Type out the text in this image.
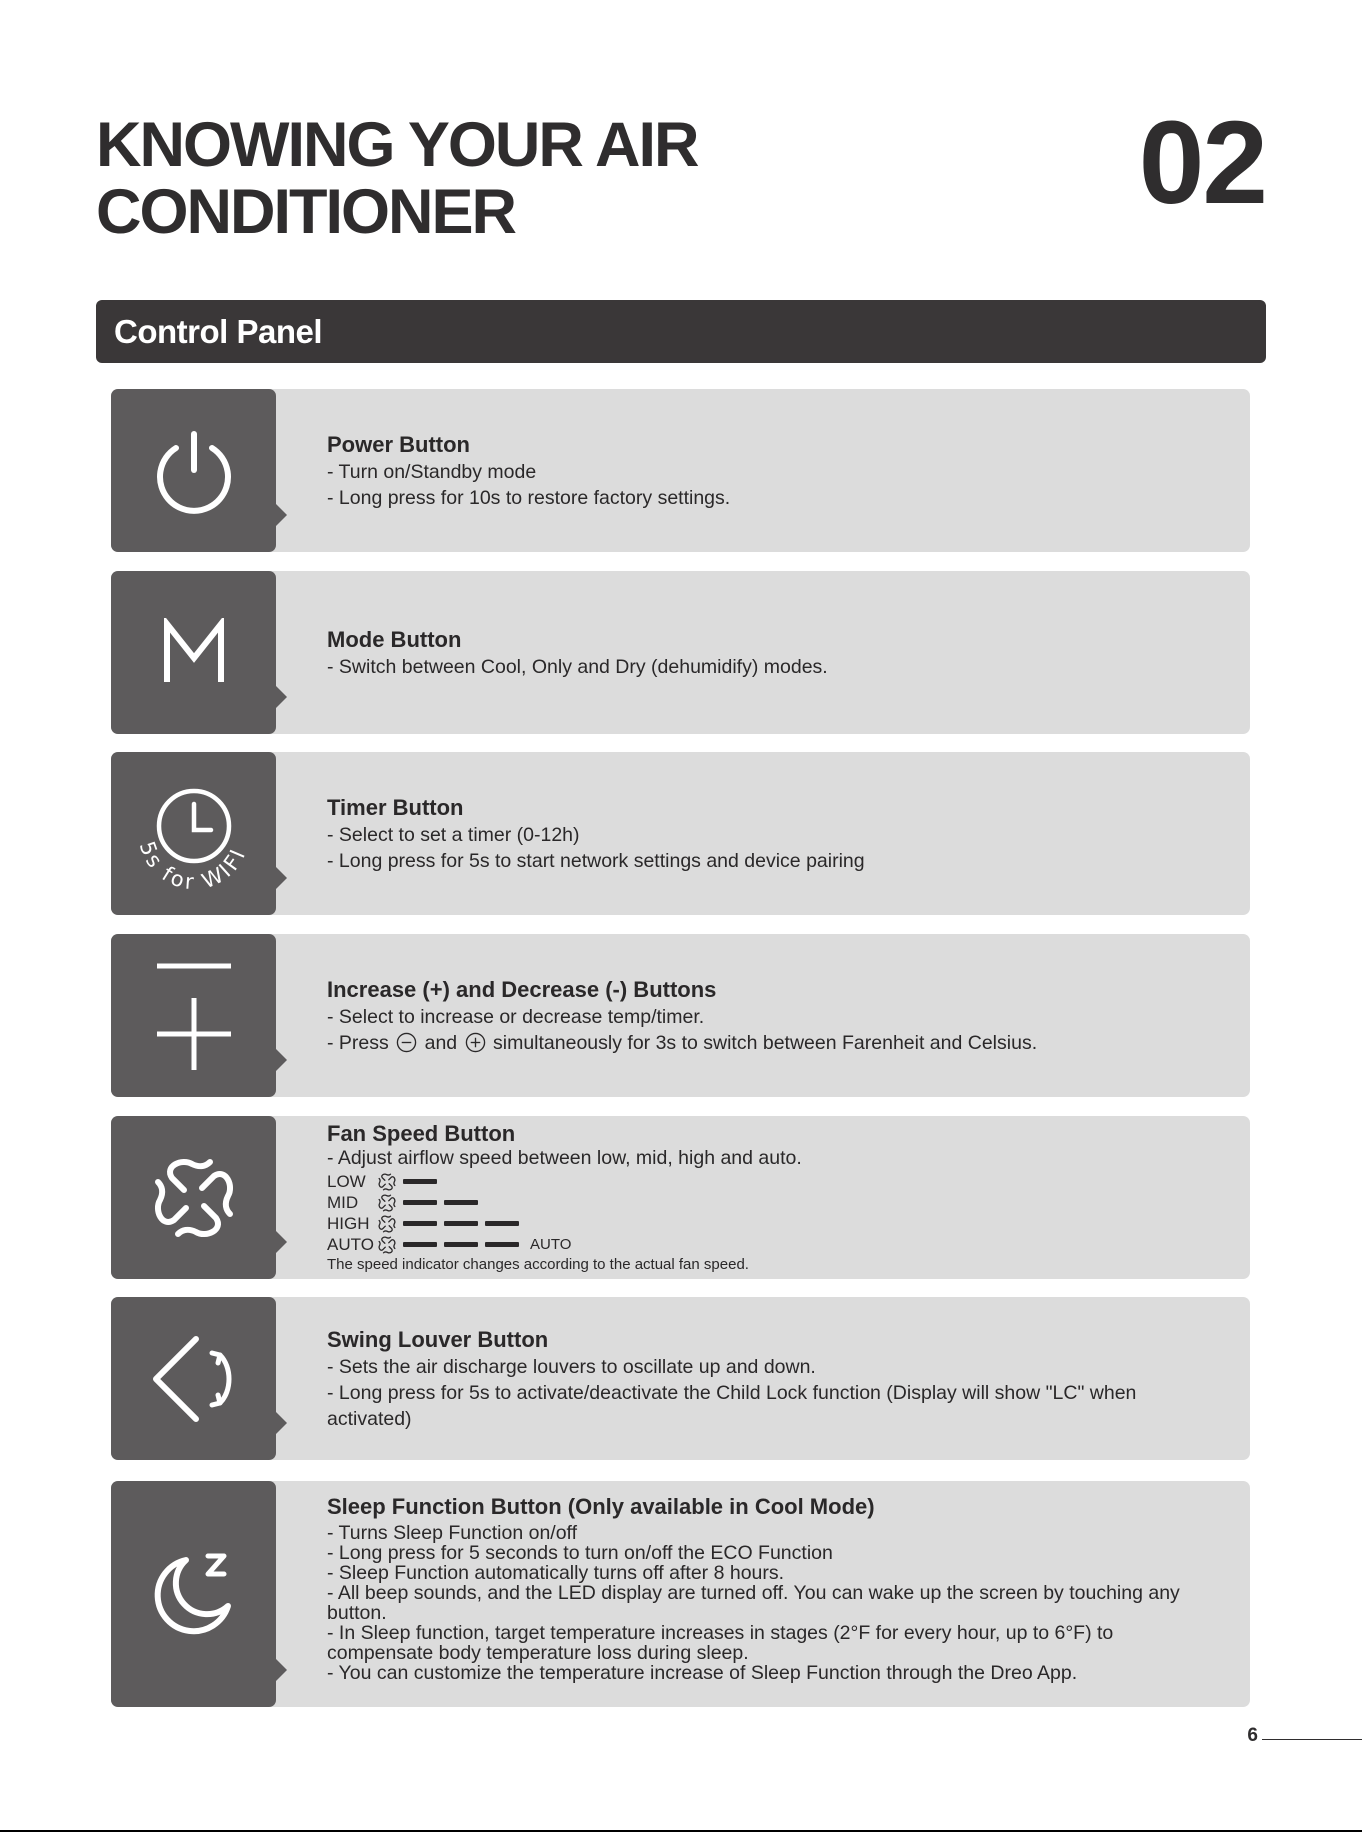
KNOWING YOUR AIR
CONDITIONER	02
Control Panel
Power Button
- Turn on/Standby mode
- Long press for 10s to restore factory settings.
Mode Button
- Switch between Cool, Only and Dry (dehumidify) modes.
5s for WIFI
Timer Button
- Select to set a timer (0-12h)
- Long press for 5s to start network settings and device pairing
Increase (+) and Decrease (-) Buttons
- Select to increase or decrease temp/timer.
- Press and simultaneously for 3s to switch between Farenheit and Celsius.
Fan Speed Button
- Adjust airflow speed between low, mid, high and auto.
LOW
MID
HIGH
AUTO	AUTO
The speed indicator changes according to the actual fan speed.
Swing Louver Button
- Sets the air discharge louvers to oscillate up and down.
- Long press for 5s to activate/deactivate the Child Lock function (Display will show "LC" when activated)
Sleep Function Button (Only available in Cool Mode)
- Turns Sleep Function on/off
- Long press for 5 seconds to turn on/off the ECO Function
- Sleep Function automatically turns off after 8 hours.
- All beep sounds, and the LED display are turned off. You can wake up the screen by touching any button.
- In Sleep function, target temperature increases in stages (2°F for every hour, up to 6°F) to compensate body temperature loss during sleep.
- You can customize the temperature increase of Sleep Function through the Dreo App.
6
